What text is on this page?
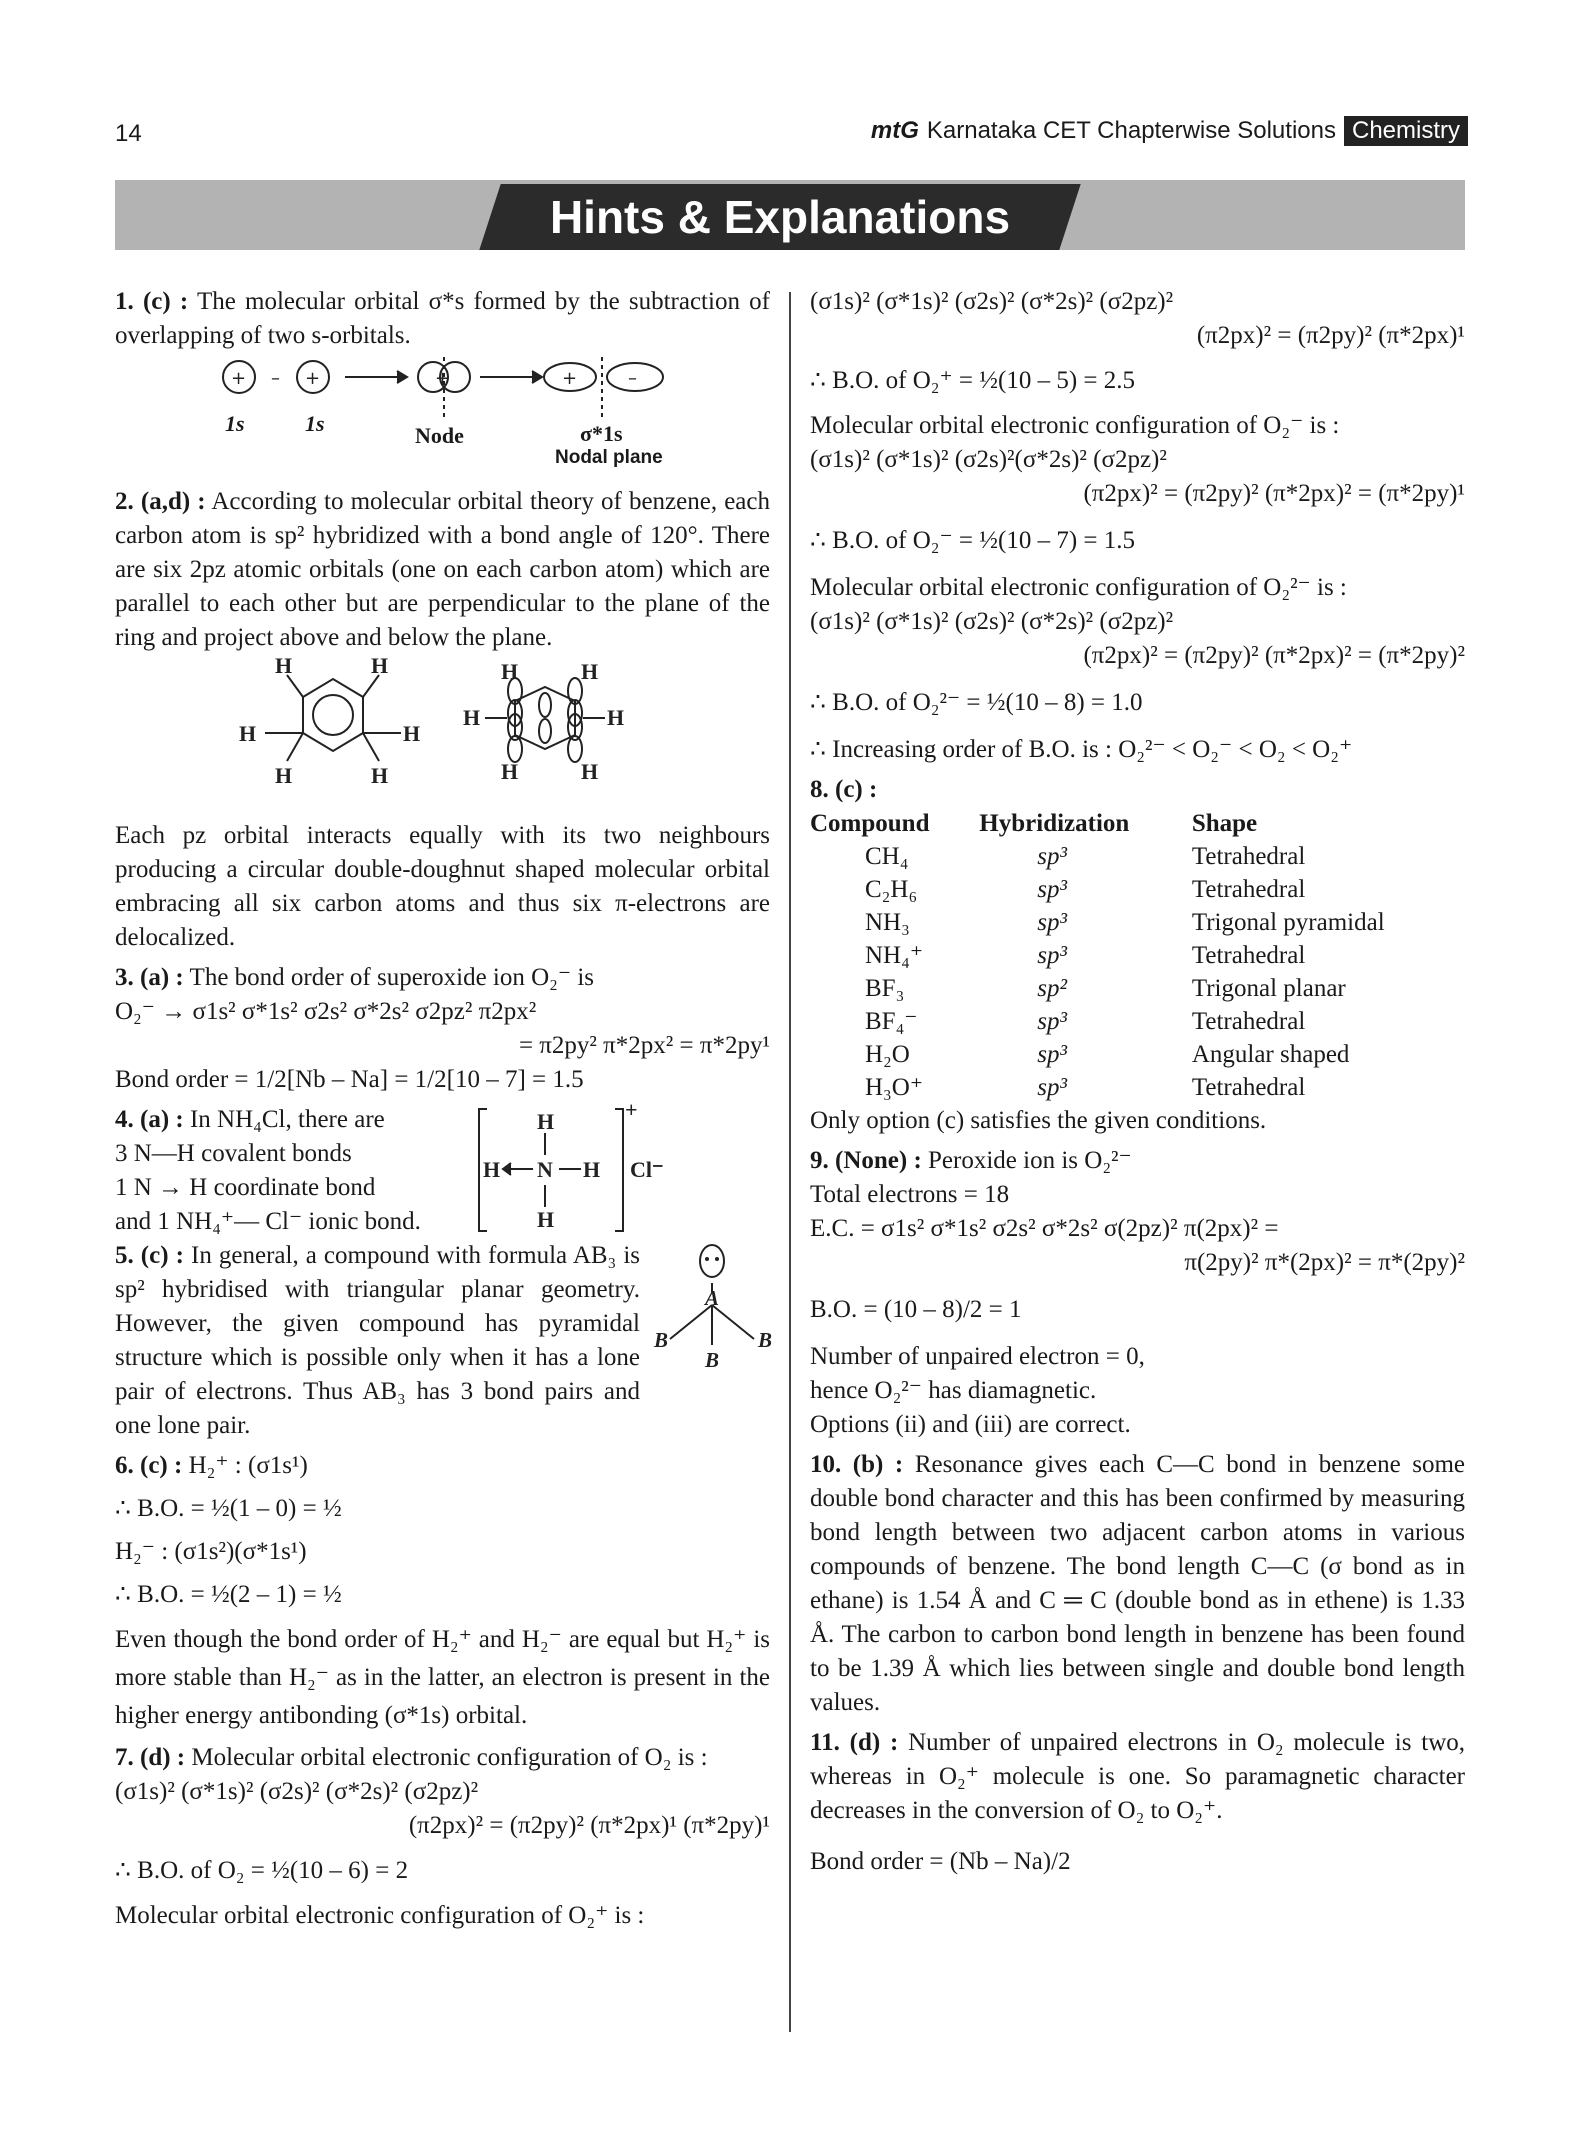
14	mtG Karnataka CET Chapterwise Solutions Chemistry
Hints & Explanations

1. (c) : The molecular orbital σ*s formed by the subtraction of overlapping of two s-orbitals.

+	+
–	+	+	–
1s	1s	Node	σ*1s
Nodal plane

2. (a,d) : According to molecular orbital theory of benzene, each carbon atom is sp² hybridized with a bond angle of 120°. There are six 2pz atomic orbitals (one on each carbon atom) which are parallel to each other but are perpendicular to the plane of the ring and project above and below the plane.

H	H
H	H
H	H
H	H
H	H
H	H

Each pz orbital interacts equally with its two neighbours producing a circular double-doughnut shaped molecular orbital embracing all six carbon atoms and thus six π-electrons are delocalized.

3. (a) : The bond order of superoxide ion O₂⁻ is

O₂⁻ → σ1s² σ*1s² σ2s² σ*2s² σ2pz² π2px²
= π2py² π*2px² = π*2py¹
Bond order = 1/2[Nb – Na] = 1/2[10 – 7] = 1.5
4. (a) : In NH₄Cl, there are
3 N—H covalent bonds
1 N → H coordinate bond
and 1 NH₄⁺— Cl⁻ ionic bond.
H
H N H
H
+
Cl⁻

5. (c) : In general, a compound with formula AB₃ is sp² hybridised with triangular planar geometry. However, the given compound has pyramidal structure which is possible only when it has a lone pair of electrons. Thus AB₃ has 3 bond pairs and one lone pair.

A
B	B
B
6. (c) : H₂⁺ : (σ1s¹)
∴ B.O. = ½(1 – 0) = ½
H₂⁻ : (σ1s²)(σ*1s¹)
∴ B.O. = ½(2 – 1) = ½

Even though the bond order of H₂⁺ and H₂⁻ are equal but H₂⁺ is more stable than H₂⁻ as in the latter, an electron is present in the higher energy antibonding (σ*1s) orbital.

7. (d) : Molecular orbital electronic configuration of O₂ is :
(σ1s)² (σ*1s)² (σ2s)² (σ*2s)² (σ2pz)²
(π2px)² = (π2py)² (π*2px)¹ (π*2py)¹
∴ B.O. of O₂ = ½(10 – 6) = 2
Molecular orbital electronic configuration of O₂⁺ is :
(σ1s)² (σ*1s)² (σ2s)² (σ*2s)² (σ2pz)²
(π2px)² = (π2py)² (π*2px)¹
∴ B.O. of O₂⁺ = ½(10 – 5) = 2.5
Molecular orbital electronic configuration of O₂⁻ is :
(σ1s)² (σ*1s)² (σ2s)²(σ*2s)² (σ2pz)²
(π2px)² = (π2py)² (π*2px)² = (π*2py)¹
∴ B.O. of O₂⁻ = ½(10 – 7) = 1.5
Molecular orbital electronic configuration of O₂²⁻ is :
(σ1s)² (σ*1s)² (σ2s)² (σ*2s)² (σ2pz)²
(π2px)² = (π2py)² (π*2px)² = (π*2py)²
∴ B.O. of O₂²⁻ = ½(10 – 8) = 1.0
∴ Increasing order of B.O. is : O₂²⁻ < O₂⁻ < O₂ < O₂⁺
8. (c) :
Compound	Hybridization	Shape
CH₄	sp³	Tetrahedral
C₂H₆	sp³	Tetrahedral
NH₃	sp³	Trigonal pyramidal
NH₄⁺	sp³	Tetrahedral
BF₃	sp²	Trigonal planar
BF₄⁻	sp³	Tetrahedral
H₂O	sp³	Angular shaped
H₃O⁺	sp³	Tetrahedral
Only option (c) satisfies the given conditions.
9. (None) : Peroxide ion is O₂²⁻
Total electrons = 18
E.C. = σ1s² σ*1s² σ2s² σ*2s² σ(2pz)² π(2px)² =
π(2py)² π*(2px)² = π*(2py)²
B.O. = (10 – 8)/2 = 1
Number of unpaired electron = 0,
hence O₂²⁻ has diamagnetic.
Options (ii) and (iii) are correct.

10. (b) : Resonance gives each C—C bond in benzene some double bond character and this has been confirmed by measuring bond length between two adjacent carbon atoms in various compounds of benzene. The bond length C—C (σ bond as in ethane) is 1.54 Å and C ═ C (double bond as in ethene) is 1.33 Å. The carbon to carbon bond length in benzene has been found to be 1.39 Å which lies between single and double bond length values.

11. (d) : Number of unpaired electrons in O₂ molecule is two, whereas in O₂⁺ molecule is one. So paramagnetic character decreases in the conversion of O₂ to O₂⁺.

Bond order = (Nb – Na)/2
